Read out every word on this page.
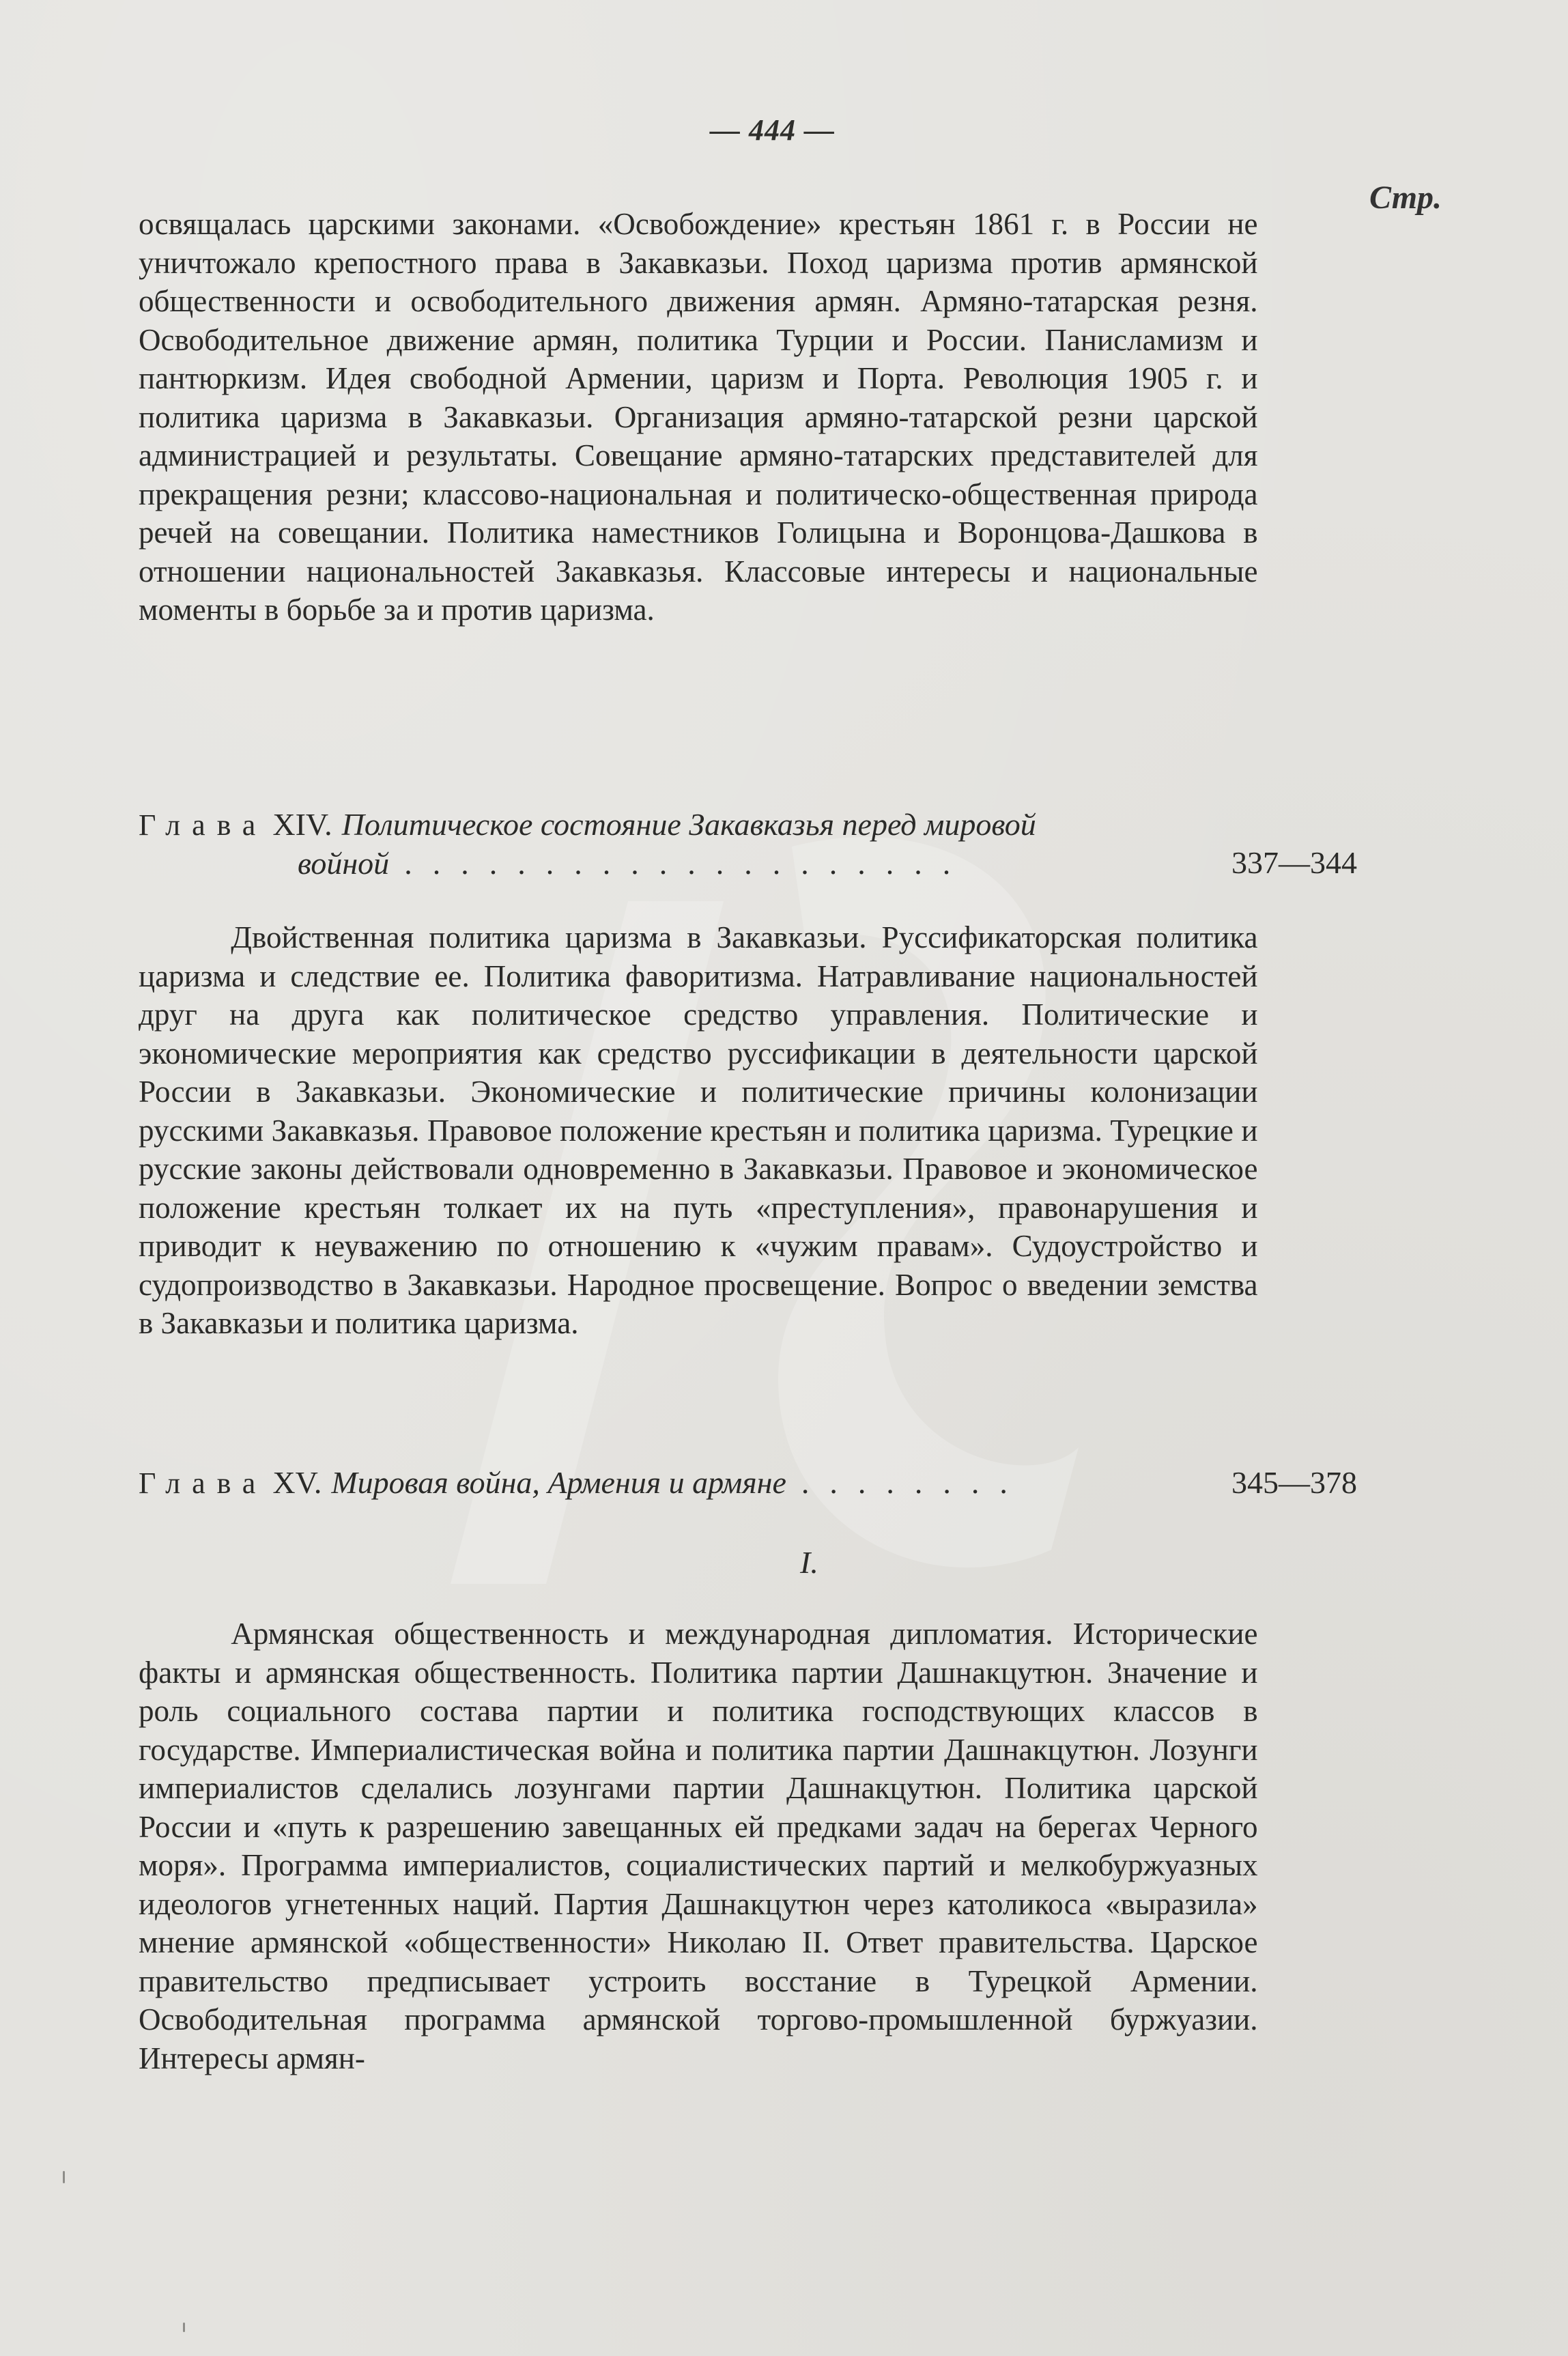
— 444 —
Стр.

освящалась царскими законами. «Освобождение» крестьян 1861 г. в России не уничтожало крепостного права в Закавказьи. Поход царизма против армянской общественности и освободительного движения армян. Армяно-татарская резня. Освободительное движение армян, политика Турции и России. Панисламизм и пантюркизм. Идея свободной Армении, царизм и Порта. Революция 1905 г. и политика царизма в Закавказьи. Организация армяно-татарской резни царской администрацией и результаты. Совещание армяно-татарских представителей для прекращения резни; классово-национальная и политическо-общественная природа речей на совещании. Политика наместников Голицына и Воронцова-Дашкова в отношении национальностей Закавказья. Классовые интересы и национальные моменты в борьбе за и против царизма.

Глава XIV. Политическое состояние Закавказья перед мировой
войной ....................	337—344

Двойственная политика царизма в Закавказьи. Руссификаторская политика царизма и следствие ее. Политика фаворитизма. Натравливание национальностей друг на друга как политическое средство управления. Политические и экономические мероприятия как средство руссификации в деятельности царской России в Закавказьи. Экономические и политические причины колонизации русскими Закавказья. Правовое положение крестьян и политика царизма. Турецкие и русские законы действовали одновременно в Закавказьи. Правовое и экономическое положение крестьян толкает их на путь «преступления», правонарушения и приводит к неуважению по отношению к «чужим правам». Судоустройство и судопроизводство в Закавказьи. Народное просвещение. Вопрос о введении земства в Закавказьи и политика царизма.

Глава XV. Мировая война, Армения и армяне ........	345—378
I.

Армянская общественность и международная дипломатия. Исторические факты и армянская общественность. Политика партии Дашнакцутюн. Значение и роль социального состава партии и политика господствующих классов в государстве. Империалистическая война и политика партии Дашнакцутюн. Лозунги империалистов сделались лозунгами партии Дашнакцутюн. Политика царской России и «путь к разрешению завещанных ей предками задач на берегах Черного моря». Программа империалистов, социалистических партий и мелкобуржуазных идеологов угнетенных наций. Партия Дашнакцутюн через католикоса «выразила» мнение армянской «общественности» Николаю II. Ответ правительства. Царское правительство предписывает устроить восстание в Турецкой Армении. Освободительная программа армянской торгово-промышленной буржуазии. Интересы армян-
